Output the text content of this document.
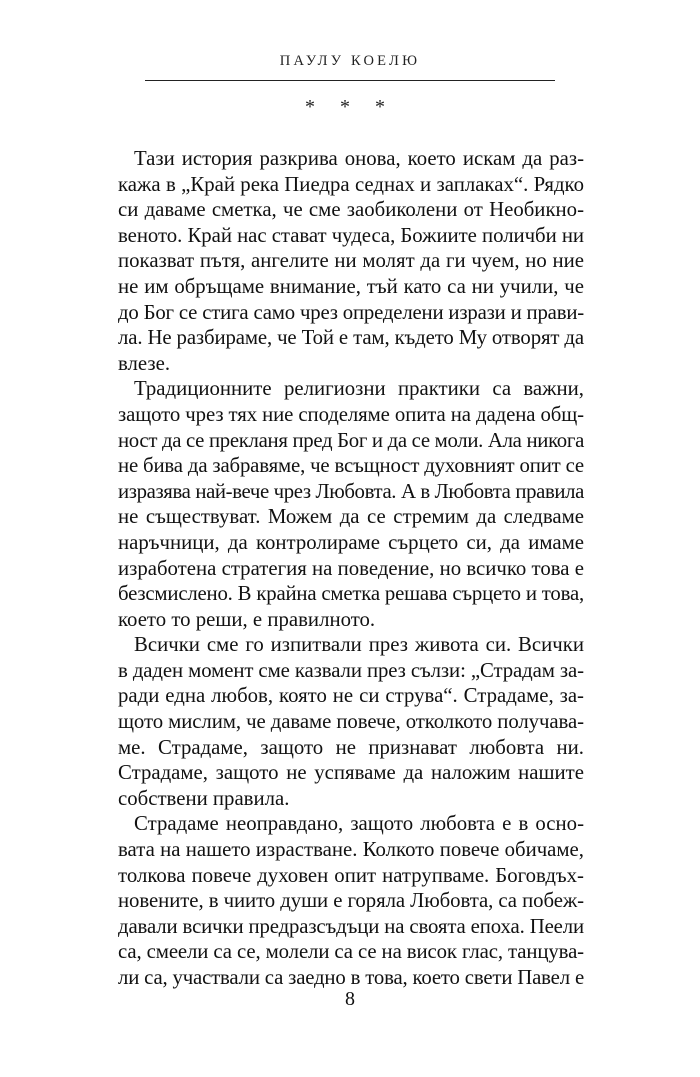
ПАУЛУ КОЕЛЮ
* * *

Тази история разкрива онова, което искам да раз-
кажа в „Край река Пиедра седнах и заплаках“. Рядко
си даваме сметка, че сме заобиколени от Необикно-
веното. Край нас стават чудеса, Божиите поличби ни
показват пътя, ангелите ни молят да ги чуем, но ние
не им обръщаме внимание, тъй като са ни учили, че
до Бог се стига само чрез определени изрази и прави-
ла. Не разбираме, че Той е там, където Му отворят да
влезе.

Традиционните религиозни практики са важни,
защото чрез тях ние споделяме опита на дадена общ-
ност да се прекланя пред Бог и да се моли. Ала никога
не бива да забравяме, че всъщност духовният опит се
изразява най-вече чрез Любовта. А в Любовта правила
не съществуват. Можем да се стремим да следваме
наръчници, да контролираме сърцето си, да имаме
изработена стратегия на поведение, но всичко това е
безсмислено. В крайна сметка решава сърцето и това,
което то реши, е правилното.

Всички сме го изпитвали през живота си. Всички
в даден момент сме казвали през сълзи: „Страдам за-
ради една любов, която не си струва“. Страдаме, за-
щото мислим, че даваме повече, отколкото получава-
ме. Страдаме, защото не признават любовта ни.
Страдаме, защото не успяваме да наложим нашите
собствени правила.

Страдаме неоправдано, защото любовта е в осно-
вата на нашето израстване. Колкото повече обичаме,
толкова повече духовен опит натрупваме. Боговдъх-
новените, в чиито души е горяла Любовта, са побеж-
давали всички предразсъдъци на своята епоха. Пеели
са, смеели са се, молели са се на висок глас, танцува-
ли са, участвали са заедно в това, което свети Павел е

8
